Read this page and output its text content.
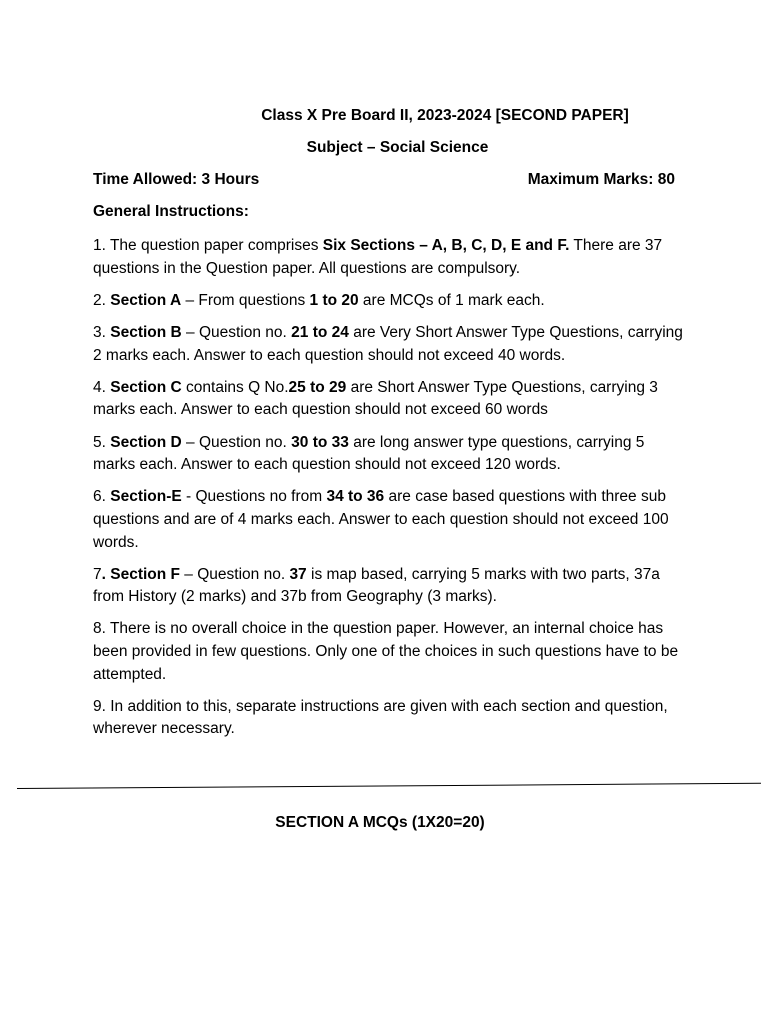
Class X Pre Board II, 2023-2024 [SECOND PAPER]
Subject – Social Science
Time Allowed: 3 Hours	Maximum Marks: 80
General Instructions:
1. The question paper comprises Six Sections – A, B, C, D, E and F. There are 37 questions in the Question paper. All questions are compulsory.
2. Section A – From questions 1 to 20 are MCQs of 1 mark each.
3. Section B – Question no. 21 to 24 are Very Short Answer Type Questions, carrying 2 marks each. Answer to each question should not exceed 40 words.
4. Section C contains Q No.25 to 29 are Short Answer Type Questions, carrying 3 marks each. Answer to each question should not exceed 60 words
5. Section D – Question no. 30 to 33 are long answer type questions, carrying 5 marks each. Answer to each question should not exceed 120 words.
6. Section-E - Questions no from 34 to 36 are case based questions with three sub questions and are of 4 marks each. Answer to each question should not exceed 100 words.
7. Section F – Question no. 37 is map based, carrying 5 marks with two parts, 37a from History (2 marks) and 37b from Geography (3 marks).
8. There is no overall choice in the question paper. However, an internal choice has been provided in few questions. Only one of the choices in such questions have to be attempted.
9. In addition to this, separate instructions are given with each section and question, wherever necessary.
SECTION A MCQs (1X20=20)
